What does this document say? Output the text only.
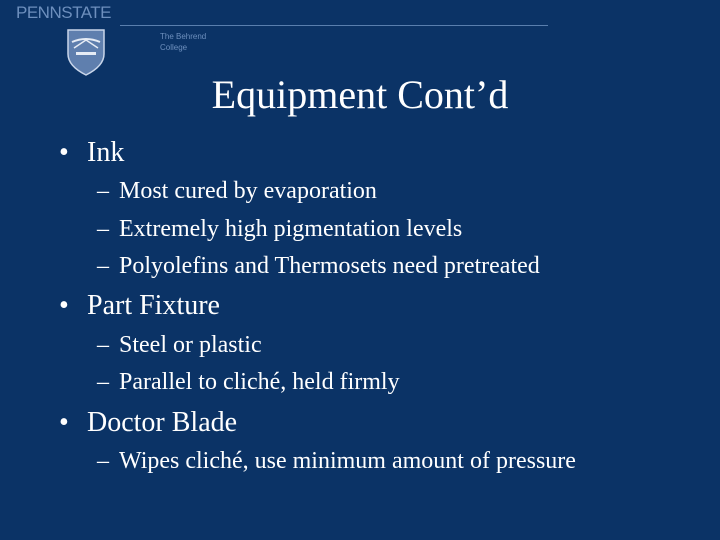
PENNSTATE

The Behrend
College
Equipment Cont’d
• Ink
– Most cured by evaporation
– Extremely high pigmentation levels
– Polyolefins and Thermosets need pretreated
• Part Fixture
– Steel or plastic
– Parallel to cliché, held firmly
• Doctor Blade
– Wipes cliché, use minimum amount of pressure
